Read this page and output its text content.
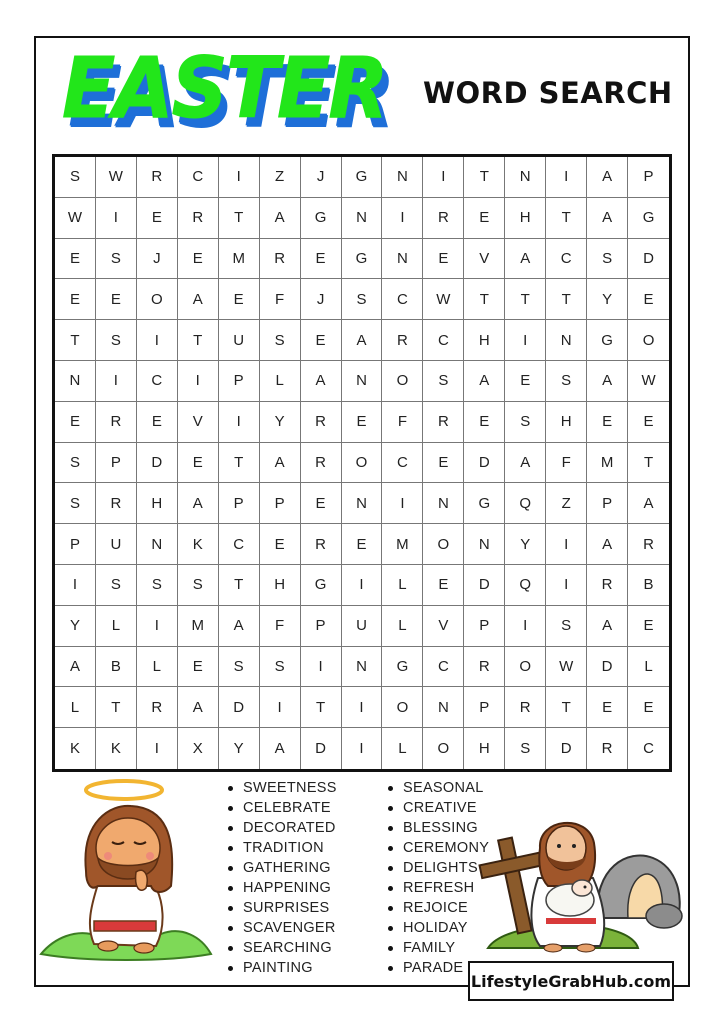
EASTER WORD SEARCH
S	W	R	C	I	Z	J	G	N	I	T	N	I	A	P
W	I	E	R	T	A	G	N	I	R	E	H	T	A	G
E	S	J	E	M	R	E	G	N	E	V	A	C	S	D
E	E	O	A	E	F	J	S	C	W	T	T	T	Y	E
T	S	I	T	U	S	E	A	R	C	H	I	N	G	O
N	I	C	I	P	L	A	N	O	S	A	E	S	A	W
E	R	E	V	I	Y	R	E	F	R	E	S	H	E	E
S	P	D	E	T	A	R	O	C	E	D	A	F	M	T
S	R	H	A	P	P	E	N	I	N	G	Q	Z	P	A
P	U	N	K	C	E	R	E	M	O	N	Y	I	A	R
I	S	S	S	T	H	G	I	L	E	D	Q	I	R	B
Y	L	I	M	A	F	P	U	L	V	P	I	S	A	E
A	B	L	E	S	S	I	N	G	C	R	O	W	D	L
L	T	R	A	D	I	T	I	O	N	P	R	T	E	E
K	K	I	X	Y	A	D	I	L	O	H	S	D	R	C
SWEETNESS
CELEBRATE
DECORATED
TRADITION
GATHERING
HAPPENING
SURPRISES
SCAVENGER
SEARCHING
PAINTING
SEASONAL
CREATIVE
BLESSING
CEREMONY
DELIGHTS
REFRESH
REJOICE
HOLIDAY
FAMILY
PARADE
LifestyleGrabHub.com
